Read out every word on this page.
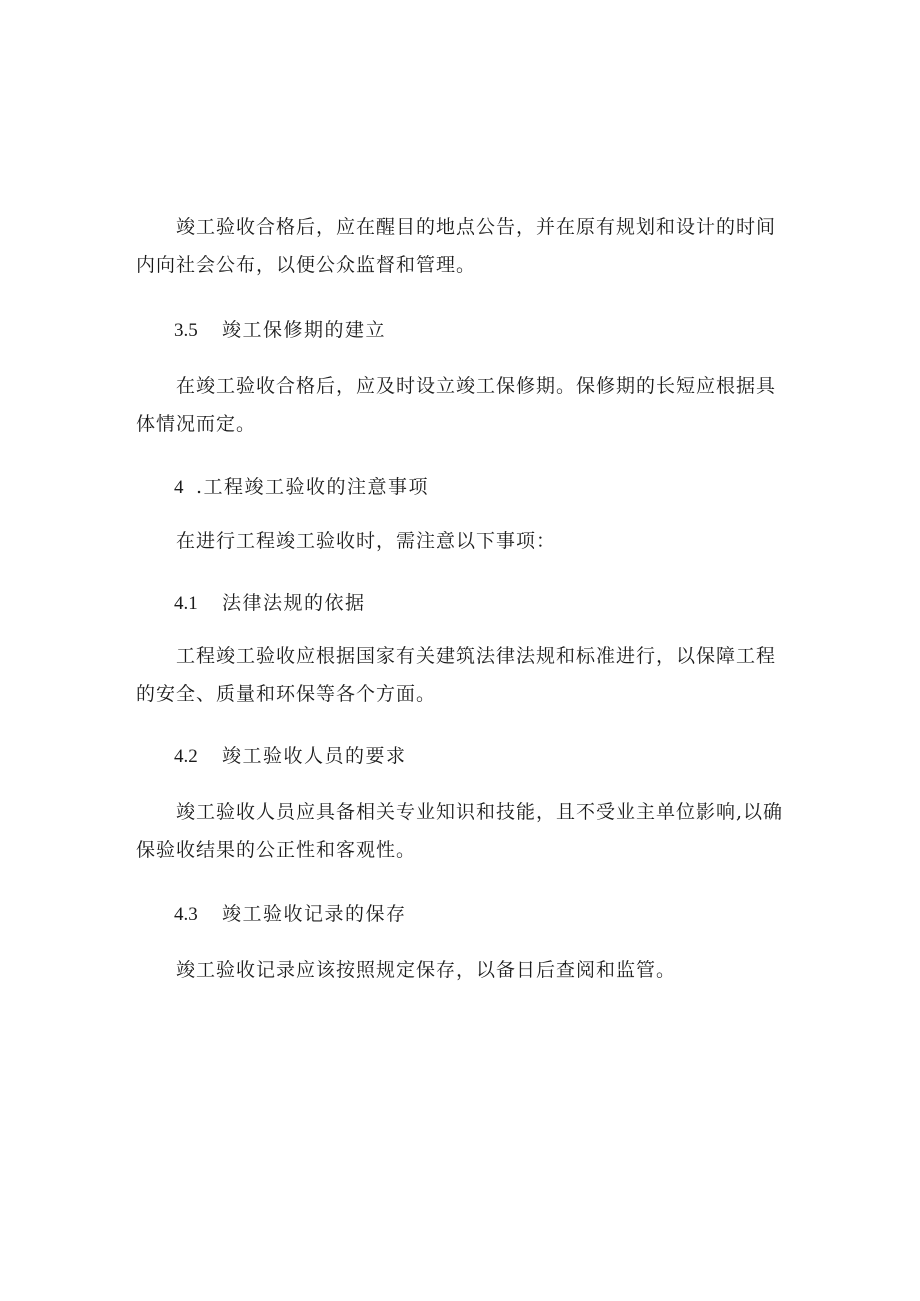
竣工验收合格后，应在醒目的地点公告，并在原有规划和设计的时间内向社会公布，以便公众监督和管理。

3.5 竣工保修期的建立

在竣工验收合格后，应及时设立竣工保修期。保修期的长短应根据具体情况而定。

4 .工程竣工验收的注意事项

在进行工程竣工验收时，需注意以下事项：

4.1 法律法规的依据

工程竣工验收应根据国家有关建筑法律法规和标准进行，以保障工程的安全、质量和环保等各个方面。

4.2 竣工验收人员的要求

竣工验收人员应具备相关专业知识和技能，且不受业主单位影响,以确保验收结果的公正性和客观性。

4.3 竣工验收记录的保存

竣工验收记录应该按照规定保存，以备日后查阅和监管。
